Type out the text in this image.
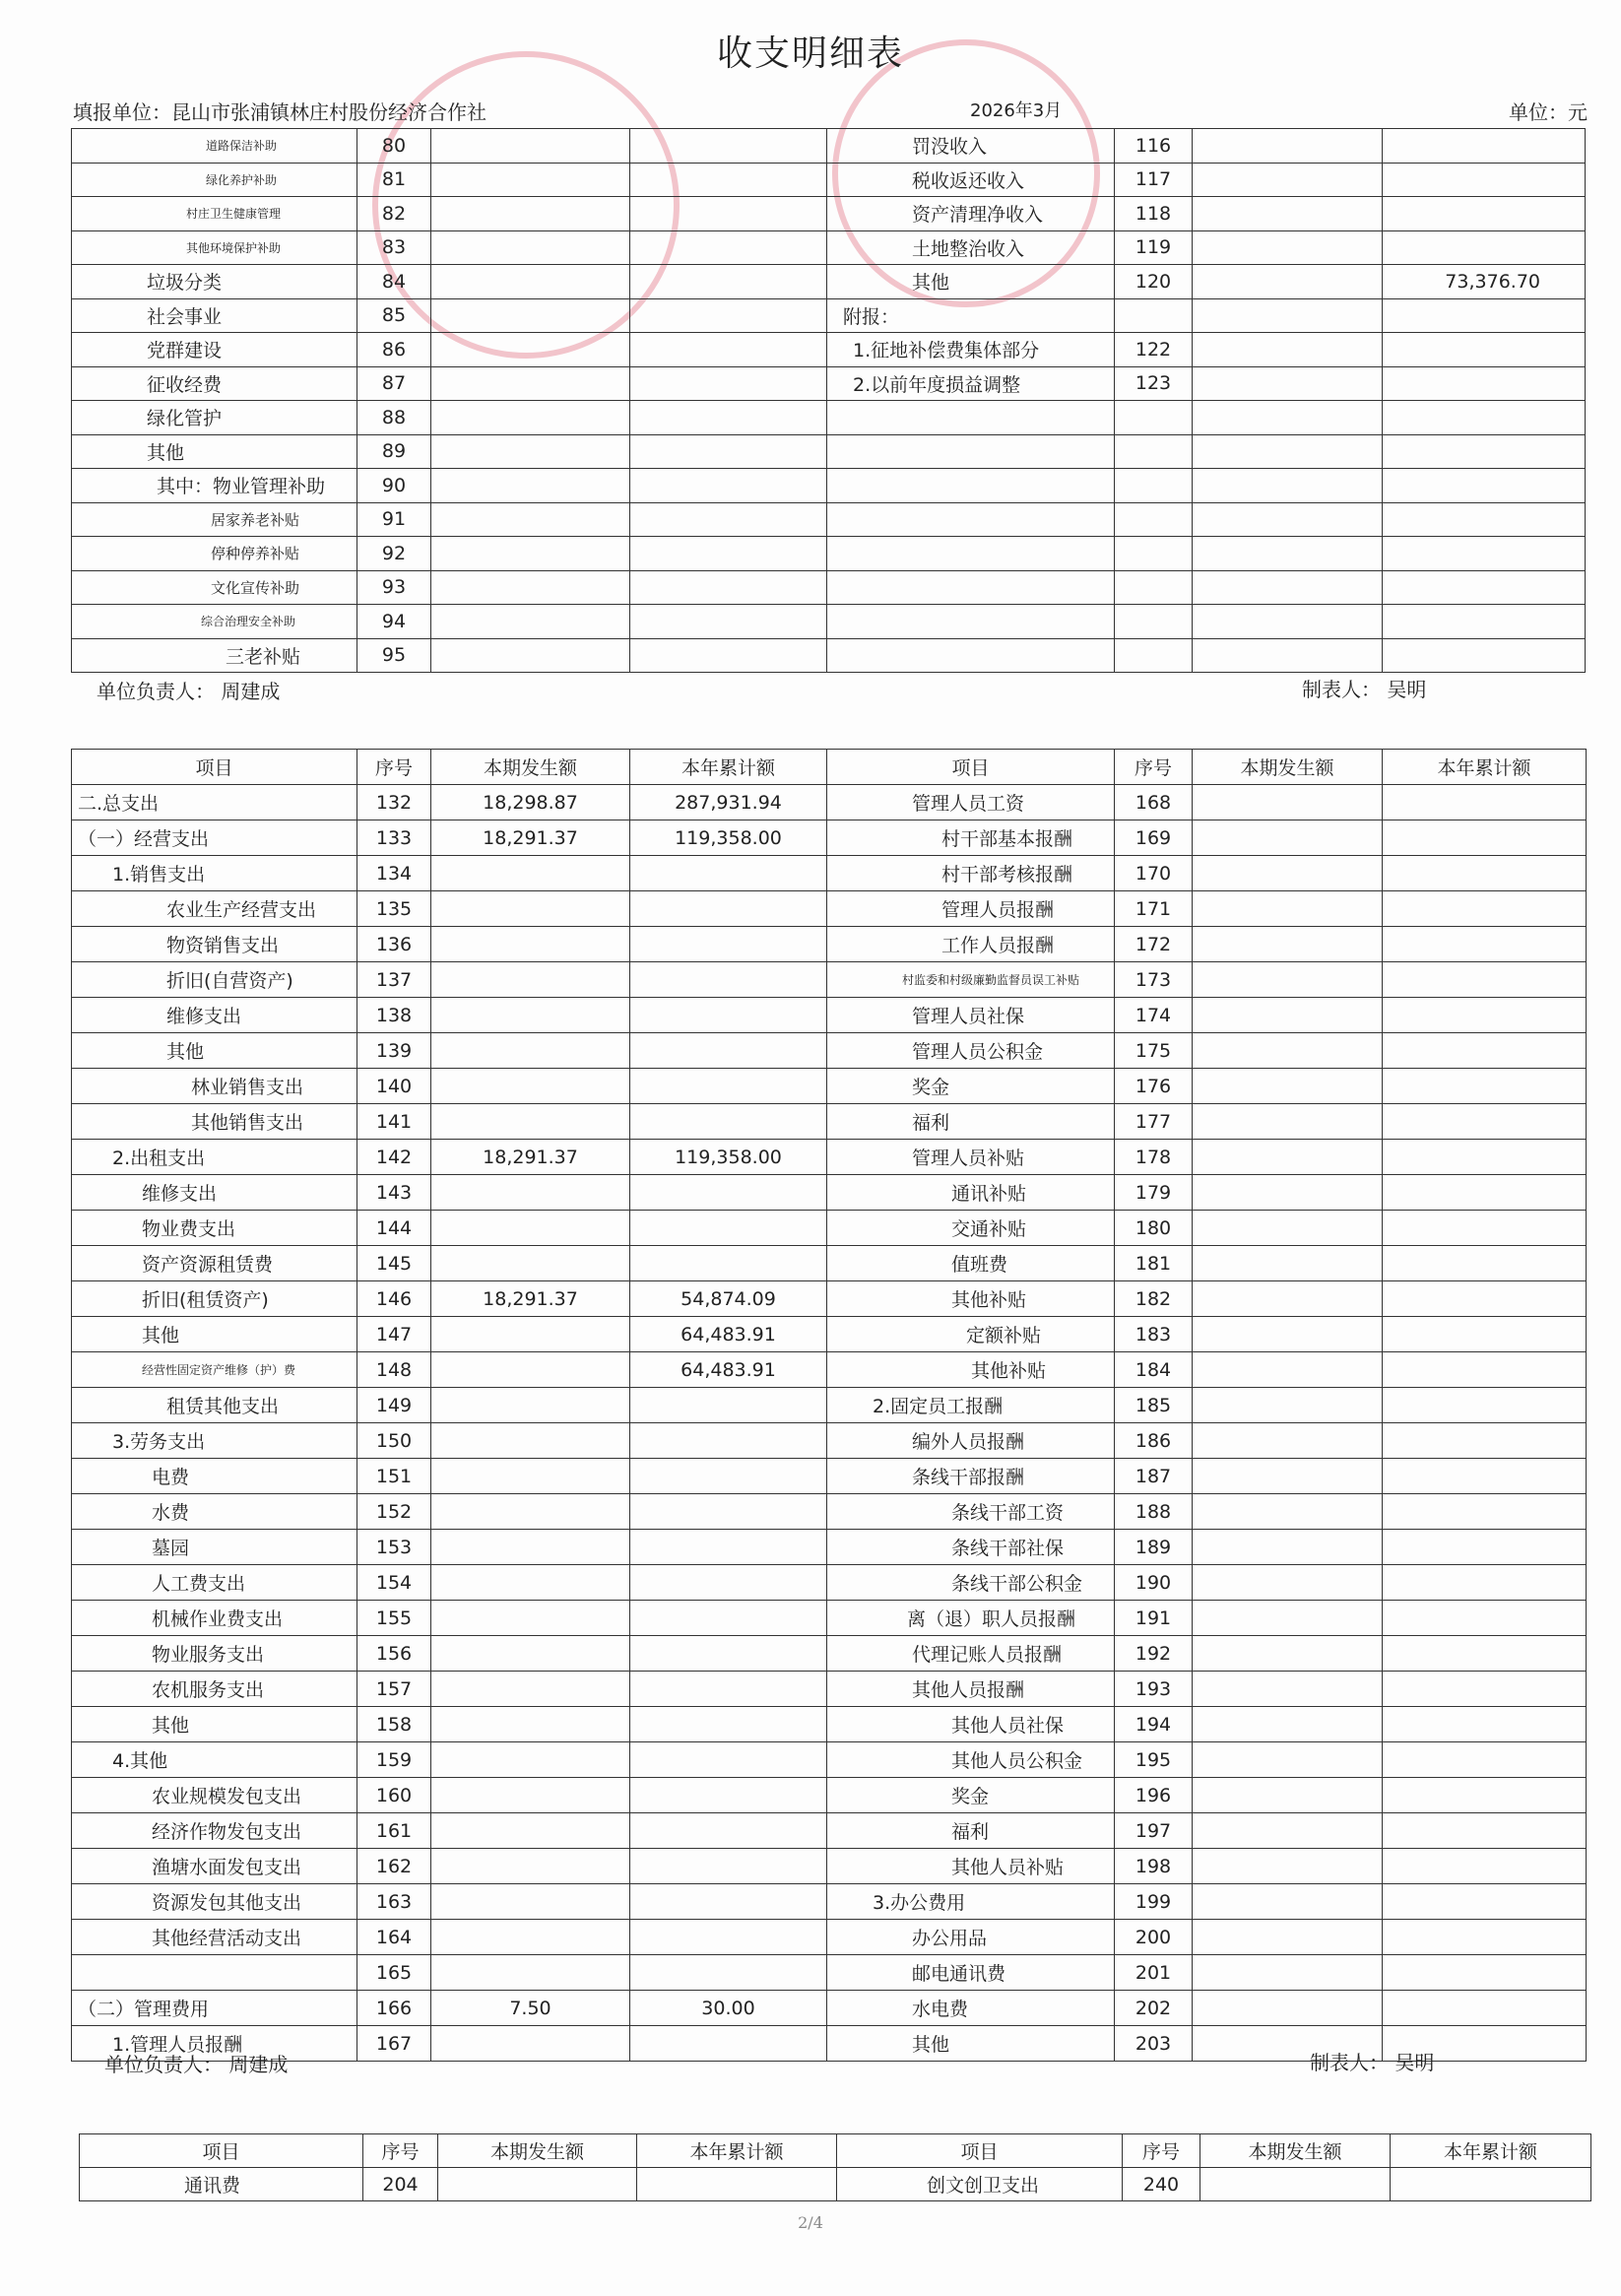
收支明细表
填报单位：昆山市张浦镇林庄村股份经济合作社	2026年3月	单位：元
道路保洁补助	80			罚没收入	116		
绿化养护补助	81			税收返还收入	117		
村庄卫生健康管理	82			资产清理净收入	118		
其他环境保护补助	83			土地整治收入	119		
垃圾分类	84			其他	120		73,376.70
社会事业	85			附报：			
党群建设	86			1.征地补偿费集体部分	122		
征收经费	87			2.以前年度损益调整	123		
绿化管护	88						
其他	89						
其中：物业管理补助	90						
居家养老补贴	91						
停种停养补贴	92						
文化宣传补助	93						
综合治理安全补助	94						
三老补贴	95						
单位负责人： 周建成	制表人： 吴明
项目	序号	本期发生额	本年累计额	项目	序号	本期发生额	本年累计额
二.总支出	132	18,298.87	287,931.94	管理人员工资	168		
（一）经营支出	133	18,291.37	119,358.00	村干部基本报酬	169		
1.销售支出	134			村干部考核报酬	170		
农业生产经营支出	135			管理人员报酬	171		
物资销售支出	136			工作人员报酬	172		
折旧(自营资产)	137			村监委和村级廉勤监督员误工补贴	173		
维修支出	138			管理人员社保	174		
其他	139			管理人员公积金	175		
林业销售支出	140			奖金	176		
其他销售支出	141			福利	177		
2.出租支出	142	18,291.37	119,358.00	管理人员补贴	178		
维修支出	143			通讯补贴	179		
物业费支出	144			交通补贴	180		
资产资源租赁费	145			值班费	181		
折旧(租赁资产)	146	18,291.37	54,874.09	其他补贴	182		
其他	147		64,483.91	定额补贴	183		
经营性固定资产维修（护）费	148		64,483.91	其他补贴	184		
租赁其他支出	149			2.固定员工报酬	185		
3.劳务支出	150			编外人员报酬	186		
电费	151			条线干部报酬	187		
水费	152			条线干部工资	188		
墓园	153			条线干部社保	189		
人工费支出	154			条线干部公积金	190		
机械作业费支出	155			离（退）职人员报酬	191		
物业服务支出	156			代理记账人员报酬	192		
农机服务支出	157			其他人员报酬	193		
其他	158			其他人员社保	194		
4.其他	159			其他人员公积金	195		
农业规模发包支出	160			奖金	196		
经济作物发包支出	161			福利	197		
渔塘水面发包支出	162			其他人员补贴	198		
资源发包其他支出	163			3.办公费用	199		
其他经营活动支出	164			办公用品	200		
	165			邮电通讯费	201		
（二）管理费用	166	7.50	30.00	水电费	202		
1.管理人员报酬	167			其他	203		
单位负责人： 周建成	制表人： 吴明
项目	序号	本期发生额	本年累计额	项目	序号	本期发生额	本年累计额
通讯费	204			创文创卫支出	240		
2/4
